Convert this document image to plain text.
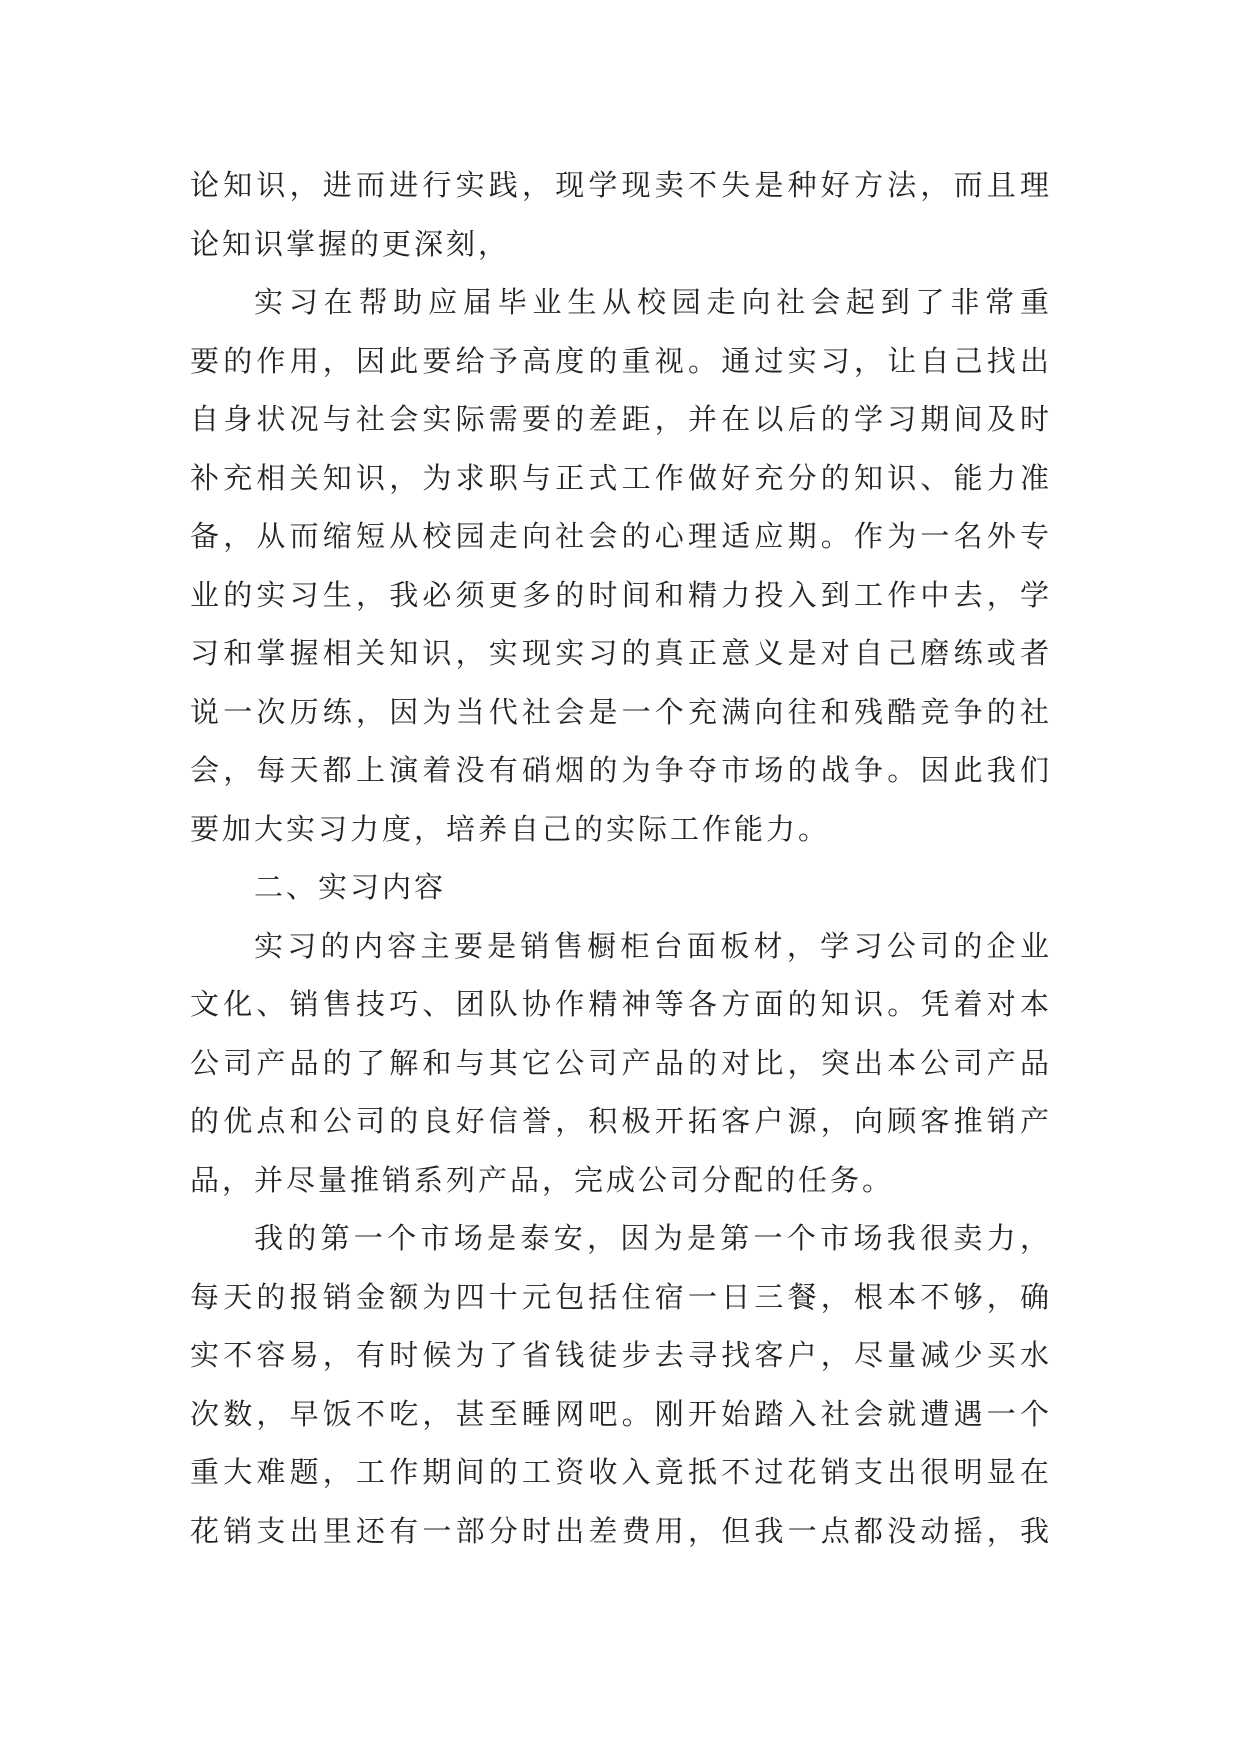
论知识，进而进行实践，现学现卖不失是种好方法，而且理
论知识掌握的更深刻，
实习在帮助应届毕业生从校园走向社会起到了非常重
要的作用，因此要给予高度的重视。通过实习，让自己找出
自身状况与社会实际需要的差距，并在以后的学习期间及时
补充相关知识，为求职与正式工作做好充分的知识、能力准
备，从而缩短从校园走向社会的心理适应期。作为一名外专
业的实习生，我必须更多的时间和精力投入到工作中去，学
习和掌握相关知识，实现实习的真正意义是对自己磨练或者
说一次历练，因为当代社会是一个充满向往和残酷竞争的社
会，每天都上演着没有硝烟的为争夺市场的战争。因此我们
要加大实习力度，培养自己的实际工作能力。
二、实习内容
实习的内容主要是销售橱柜台面板材，学习公司的企业
文化、销售技巧、团队协作精神等各方面的知识。凭着对本
公司产品的了解和与其它公司产品的对比，突出本公司产品
的优点和公司的良好信誉，积极开拓客户源，向顾客推销产
品，并尽量推销系列产品，完成公司分配的任务。
我的第一个市场是泰安，因为是第一个市场我很卖力，
每天的报销金额为四十元包括住宿一日三餐，根本不够，确
实不容易，有时候为了省钱徒步去寻找客户，尽量减少买水
次数，早饭不吃，甚至睡网吧。刚开始踏入社会就遭遇一个
重大难题，工作期间的工资收入竟抵不过花销支出很明显在
花销支出里还有一部分时出差费用，但我一点都没动摇，我
